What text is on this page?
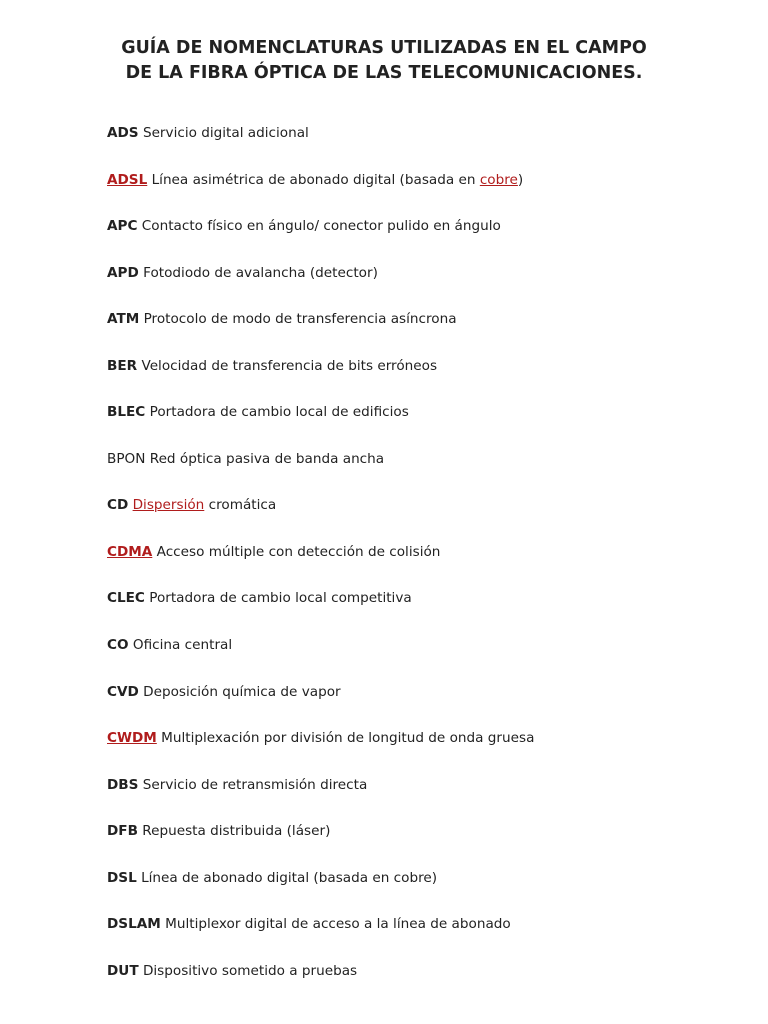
GUÍA DE NOMENCLATURAS UTILIZADAS EN EL CAMPO
DE LA FIBRA ÓPTICA DE LAS TELECOMUNICACIONES.
ADS Servicio digital adicional
ADSL Línea asimétrica de abonado digital (basada en cobre)
APC Contacto físico en ángulo/ conector pulido en ángulo
APD Fotodiodo de avalancha (detector)
ATM Protocolo de modo de transferencia asíncrona
BER Velocidad de transferencia de bits erróneos
BLEC Portadora de cambio local de edificios
BPON Red óptica pasiva de banda ancha
CD Dispersión cromática
CDMA Acceso múltiple con detección de colisión
CLEC Portadora de cambio local competitiva
CO Oficina central
CVD Deposición química de vapor
CWDM Multiplexación por división de longitud de onda gruesa
DBS Servicio de retransmisión directa
DFB Repuesta distribuida (láser)
DSL Línea de abonado digital (basada en cobre)
DSLAM Multiplexor digital de acceso a la línea de abonado
DUT Dispositivo sometido a pruebas
